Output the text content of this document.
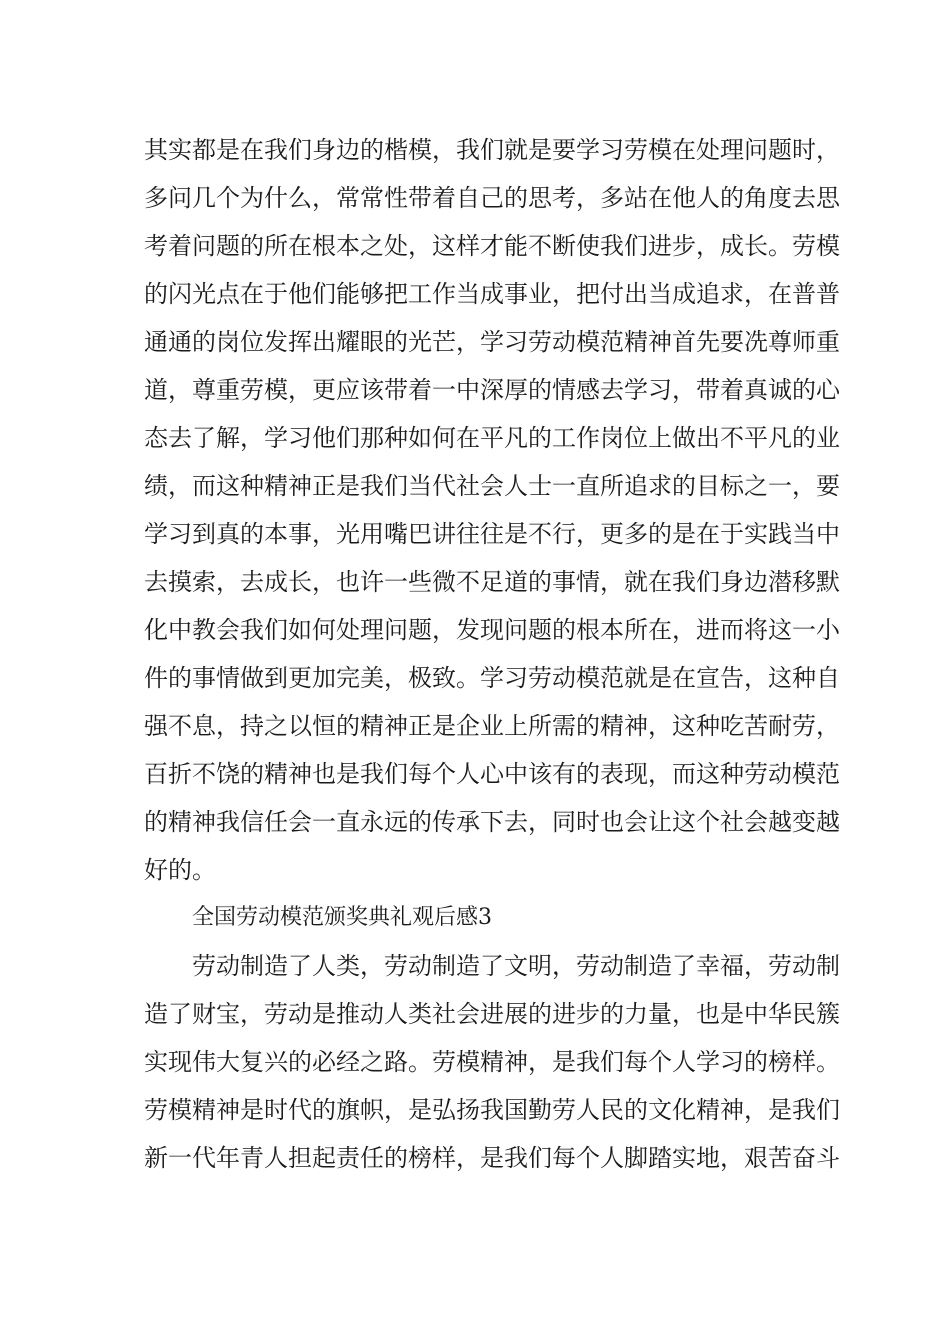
其实都是在我们身边的楷模，我们就是要学习劳模在处理问题时，
多问几个为什么，常常性带着自己的思考，多站在他人的角度去思
考着问题的所在根本之处，这样才能不断使我们进步，成长。劳模
的闪光点在于他们能够把工作当成事业，把付出当成追求，在普普
通通的岗位发挥出耀眼的光芒，学习劳动模范精神首先要冼尊师重
道，尊重劳模，更应该带着一中深厚的情感去学习，带着真诚的心
态去了解，学习他们那种如何在平凡的工作岗位上做出不平凡的业
绩，而这种精神正是我们当代社会人士一直所追求的目标之一，要
学习到真的本事，光用嘴巴讲往往是不行，更多的是在于实践当中
去摸索，去成长，也许一些微不足道的事情，就在我们身边潜移默
化中教会我们如何处理问题，发现问题的根本所在，进而将这一小
件的事情做到更加完美，极致。学习劳动模范就是在宣告，这种自
强不息，持之以恒的精神正是企业上所需的精神，这种吃苦耐劳，
百折不饶的精神也是我们每个人心中该有的表现，而这种劳动模范
的精神我信任会一直永远的传承下去，同时也会让这个社会越变越
好的。
全国劳动模范颁奖典礼观后感3
劳动制造了人类，劳动制造了文明，劳动制造了幸福，劳动制
造了财宝，劳动是推动人类社会进展的进步的力量，也是中华民簇
实现伟大复兴的必经之路。劳模精神，是我们每个人学习的榜样。
劳模精神是时代的旗帜，是弘扬我国勤劳人民的文化精神，是我们
新一代年青人担起责任的榜样，是我们每个人脚踏实地，艰苦奋斗
